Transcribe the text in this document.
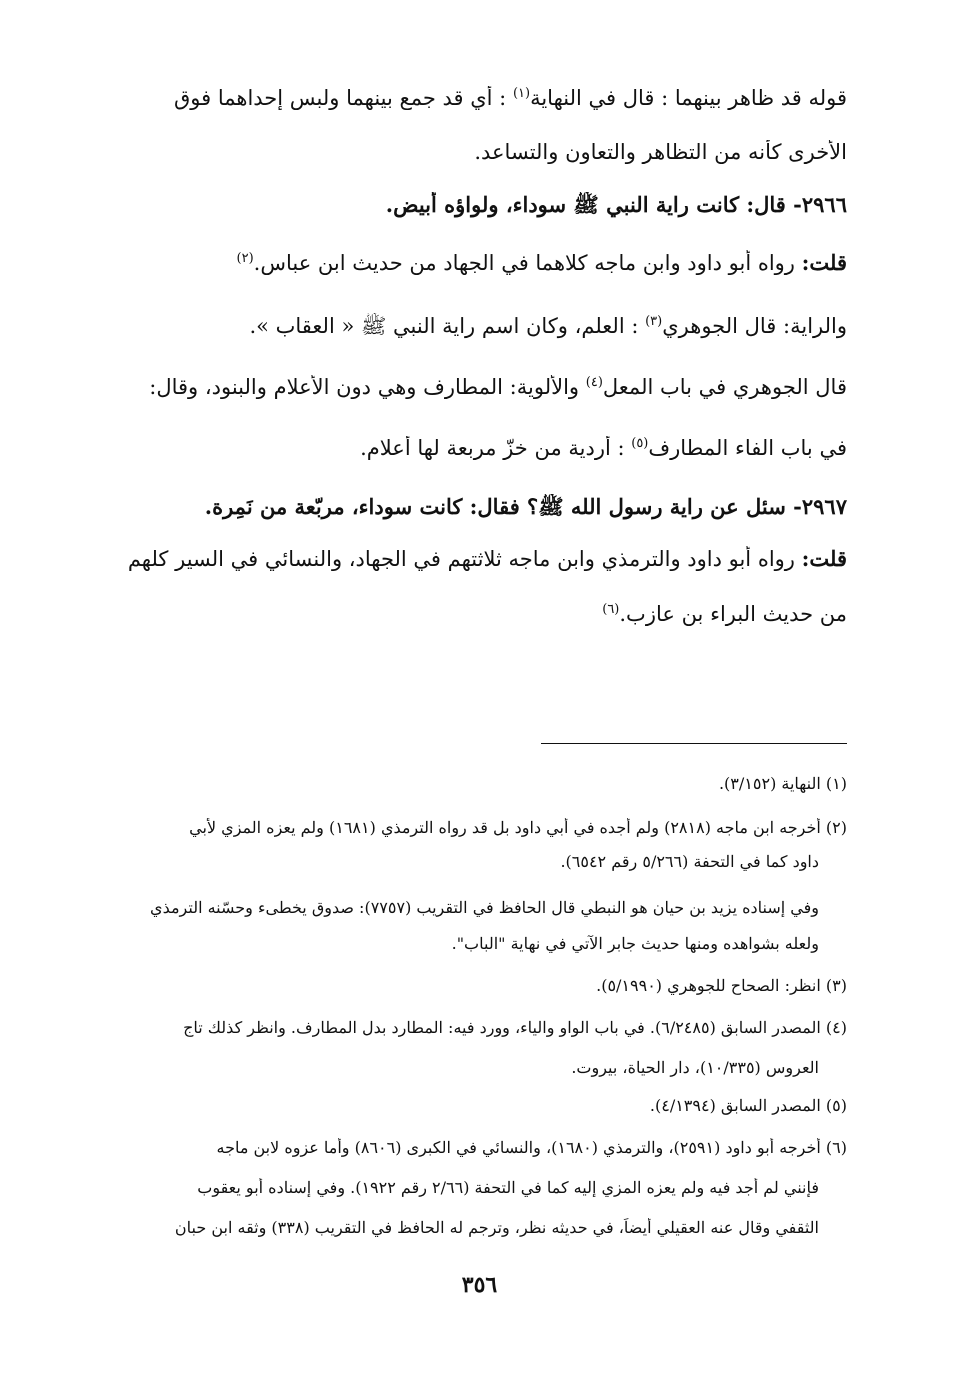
قوله قد ظاهر بينهما : قال في النهاية$^{(١)}$ : أي قد جمع بينهما ولبس إحداهما فوق
الأخرى كأنه من التظاهر والتعاون والتساعد.
٢٩٦٦- قال: كانت راية النبي ﷺ سوداء، ولواؤه أبيض.
قلت: رواه أبو داود وابن ماجه كلاهما في الجهاد من حديث ابن عباس.$^{(٢)}$
والراية: قال الجوهري$^{(٣)}$ : العلم، وكان اسم راية النبي ﷺ « العقاب ».
قال الجوهري في باب المعل$^{(٤)}$ والألوية: المطارف وهي دون الأعلام والبنود، وقال:
في باب الفاء المطارف$^{(٥)}$ : أردية من خزّ مربعة لها أعلام.
٢٩٦٧- سئل عن راية رسول الله ﷺ؟ فقال: كانت سوداء، مربّعة من نَمِرة.
قلت: رواه أبو داود والترمذي وابن ماجه ثلاثتهم في الجهاد، والنسائي في السير كلهم
من حديث البراء بن عازب.$^{(٦)}$
(١) النهاية (٣/١٥٢).
(٢) أخرجه ابن ماجه (٢٨١٨) ولم أجده في أبي داود بل قد رواه الترمذي (١٦٨١) ولم يعزه المزي لأبي
داود كما في التحفة (٥/٢٦٦ رقم ٦٥٤٢).
وفي إسناده يزيد بن حيان هو النبطي قال الحافظ في التقريب (٧٧٥٧): صدوق يخطىء وحسّنه الترمذي
ولعله بشواهده ومنها حديث جابر الآتي في نهاية "الباب".
(٣) انظر: الصحاح للجوهري (٥/١٩٩٠).
(٤) المصدر السابق (٦/٢٤٨٥). في باب الواو والياء، وورد فيه: المطارد بدل المطارف. وانظر كذلك تاج
العروس (١٠/٣٣٥)، دار الحياة، بيروت.
(٥) المصدر السابق (٤/١٣٩٤).
(٦) أخرجه أبو داود (٢٥٩١)، والترمذي (١٦٨٠)، والنسائي في الكبرى (٨٦٠٦) وأما عزوه لابن ماجه
فإنني لم أجد فيه ولم يعزه المزي إليه كما في التحفة (٢/٦٦ رقم ١٩٢٢). وفي إسناده أبو يعقوب
الثقفي وقال عنه العقيلي أيضاً، في حديثه نظر، وترجم له الحافظ في التقريب (٣٣٨) وثقه ابن حبان
٣٥٦
